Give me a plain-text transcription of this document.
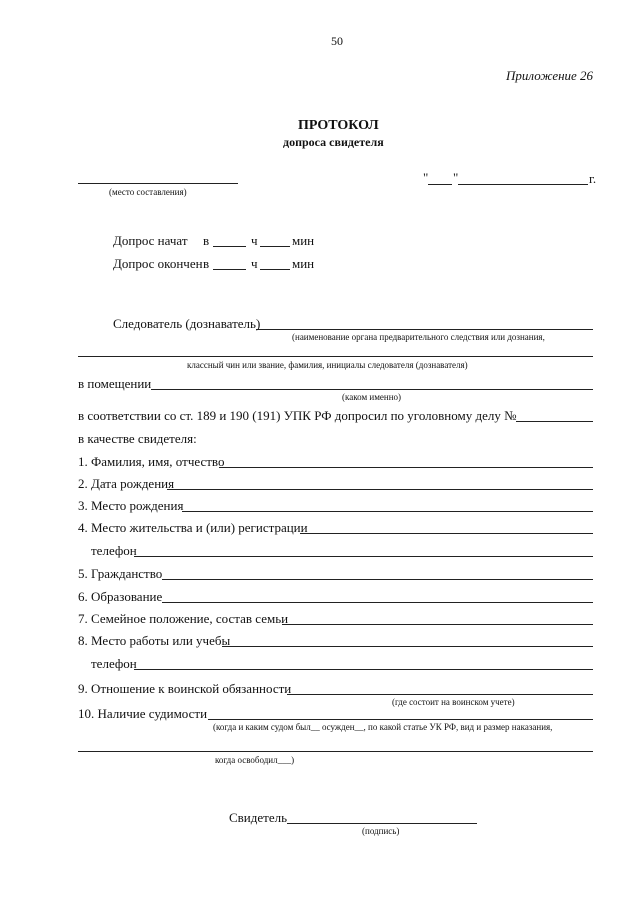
50
Приложение 26
ПРОТОКОЛ
допроса свидетеля
(место составления)
" "	г.
Допрос начат в	ч	мин
Допрос окончен в	ч	мин
Следователь (дознаватель)
(наименование органа предварительного следствия или дознания,
классный чин или звание, фамилия, инициалы следователя (дознавателя)
в помещении
(каком именно)
в соответствии со ст. 189 и 190 (191) УПК РФ допросил по уголовному делу №
в качестве свидетеля:
1. Фамилия, имя, отчество
2. Дата рождения
3. Место рождения
4. Место жительства и (или) регистрации
телефон
5. Гражданство
6. Образование
7. Семейное положение, состав семьи
8. Место работы или учебы
телефон
9. Отношение к воинской обязанности
(где состоит на воинском учете)
10. Наличие судимости
(когда и каким судом был__ осужден__, по какой статье УК РФ, вид и размер наказания,
когда освободил___)
Свидетель
(подпись)
